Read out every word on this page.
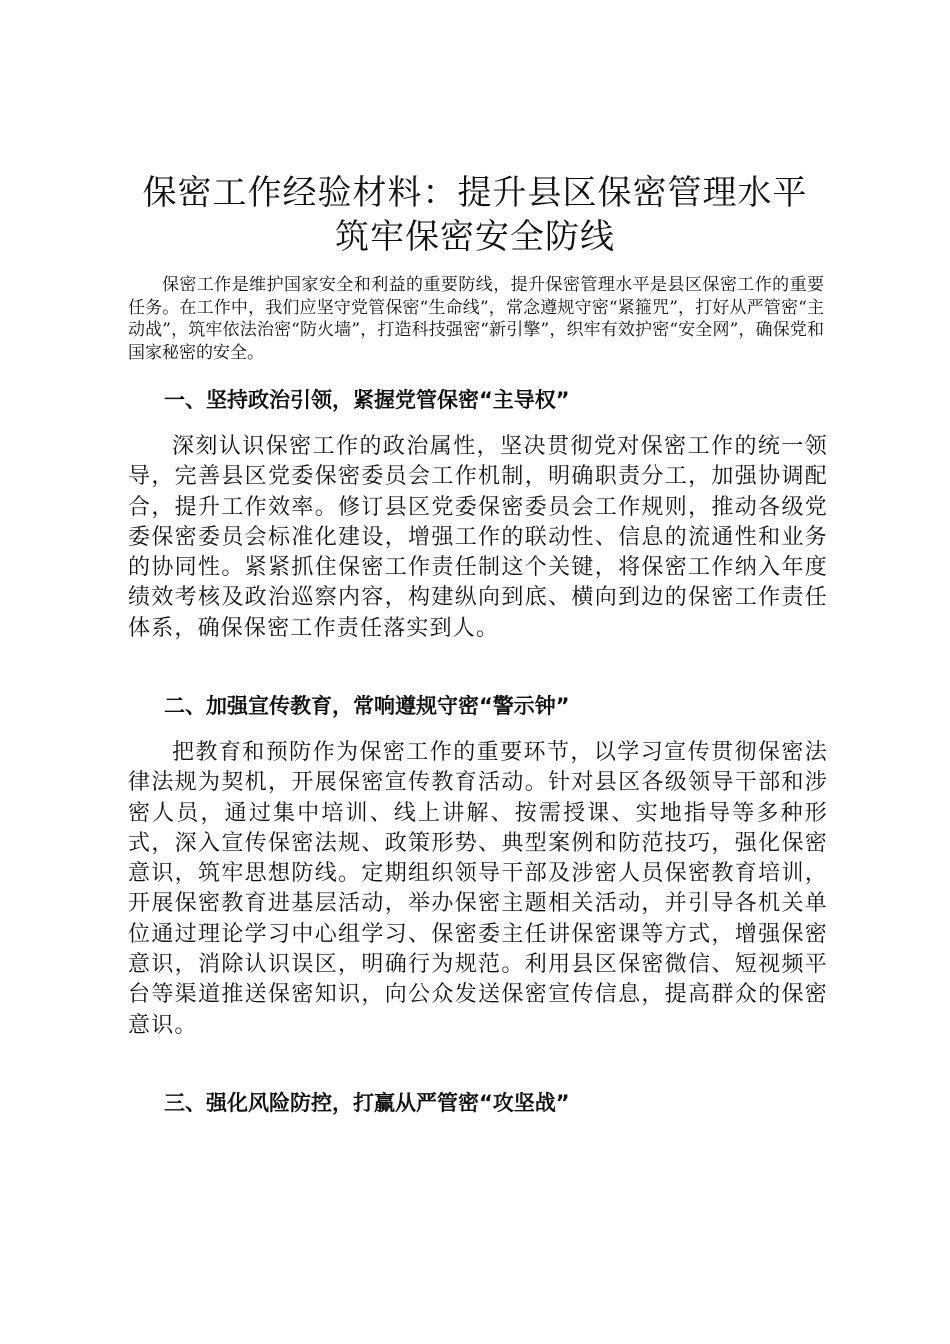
保密工作经验材料：提升县区保密管理水平
筑牢保密安全防线

保密工作是维护国家安全和利益的重要防线，提升保密管理水平是县区保密工作的重要任务。在工作中，我们应坚守党管保密“生命线”，常念遵规守密“紧箍咒”，打好从严管密“主动战”，筑牢依法治密“防火墙”，打造科技强密“新引擎”，织牢有效护密“安全网”，确保党和国家秘密的安全。

一、坚持政治引领，紧握党管保密“主导权”

深刻认识保密工作的政治属性，坚决贯彻党对保密工作的统一领导，完善县区党委保密委员会工作机制，明确职责分工，加强协调配合，提升工作效率。修订县区党委保密委员会工作规则，推动各级党委保密委员会标准化建设，增强工作的联动性、信息的流通性和业务的协同性。紧紧抓住保密工作责任制这个关键，将保密工作纳入年度绩效考核及政治巡察内容，构建纵向到底、横向到边的保密工作责任体系，确保保密工作责任落实到人。

二、加强宣传教育，常响遵规守密“警示钟”

把教育和预防作为保密工作的重要环节，以学习宣传贯彻保密法律法规为契机，开展保密宣传教育活动。针对县区各级领导干部和涉密人员，通过集中培训、线上讲解、按需授课、实地指导等多种形式，深入宣传保密法规、政策形势、典型案例和防范技巧，强化保密意识，筑牢思想防线。定期组织领导干部及涉密人员保密教育培训，开展保密教育进基层活动，举办保密主题相关活动，并引导各机关单位通过理论学习中心组学习、保密委主任讲保密课等方式，增强保密意识，消除认识误区，明确行为规范。利用县区保密微信、短视频平台等渠道推送保密知识，向公众发送保密宣传信息，提高群众的保密意识。

三、强化风险防控，打赢从严管密“攻坚战”
